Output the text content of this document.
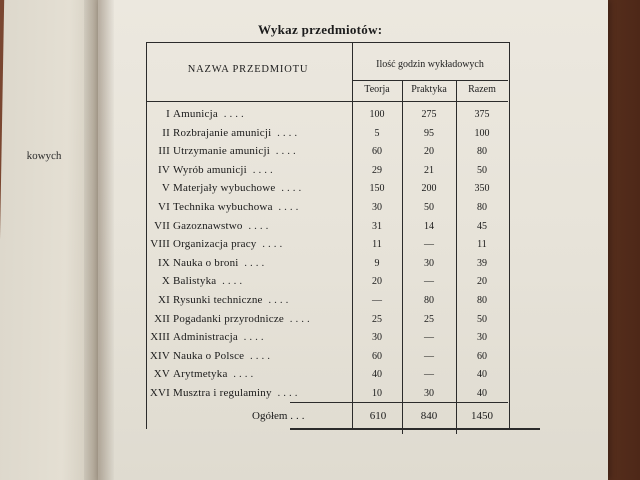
kowych
Wykaz przedmiotów:
NAZWA PRZEDMIOTU	Ilość godzin wykładowych
Teorja	Praktyka	Razem
I Amunicja ....	100	275	375
II Rozbrajanie amunicji ....	5	95	100
III Utrzymanie amunicji ....	60	20	80
IV Wyrób amunicji ....	29	21	50
V Materjały wybuchowe ....	150	200	350
VI Technika wybuchowa ....	30	50	80
VII Gazoznawstwo ....	31	14	45
VIII Organizacja pracy ....	11	—	11
IX Nauka o broni ....	9	30	39
X Balistyka ....	20	—	20
XI Rysunki techniczne ....	—	80	80
XII Pogadanki przyrodnicze ....	25	25	50
XIII Administracja ....	30	—	30
XIV Nauka o Polsce ....	60	—	60
XV Arytmetyka ....	40	—	40
XVI Musztra i regulaminy ....	10	30	40
Ogółem ...	610	840	1450
